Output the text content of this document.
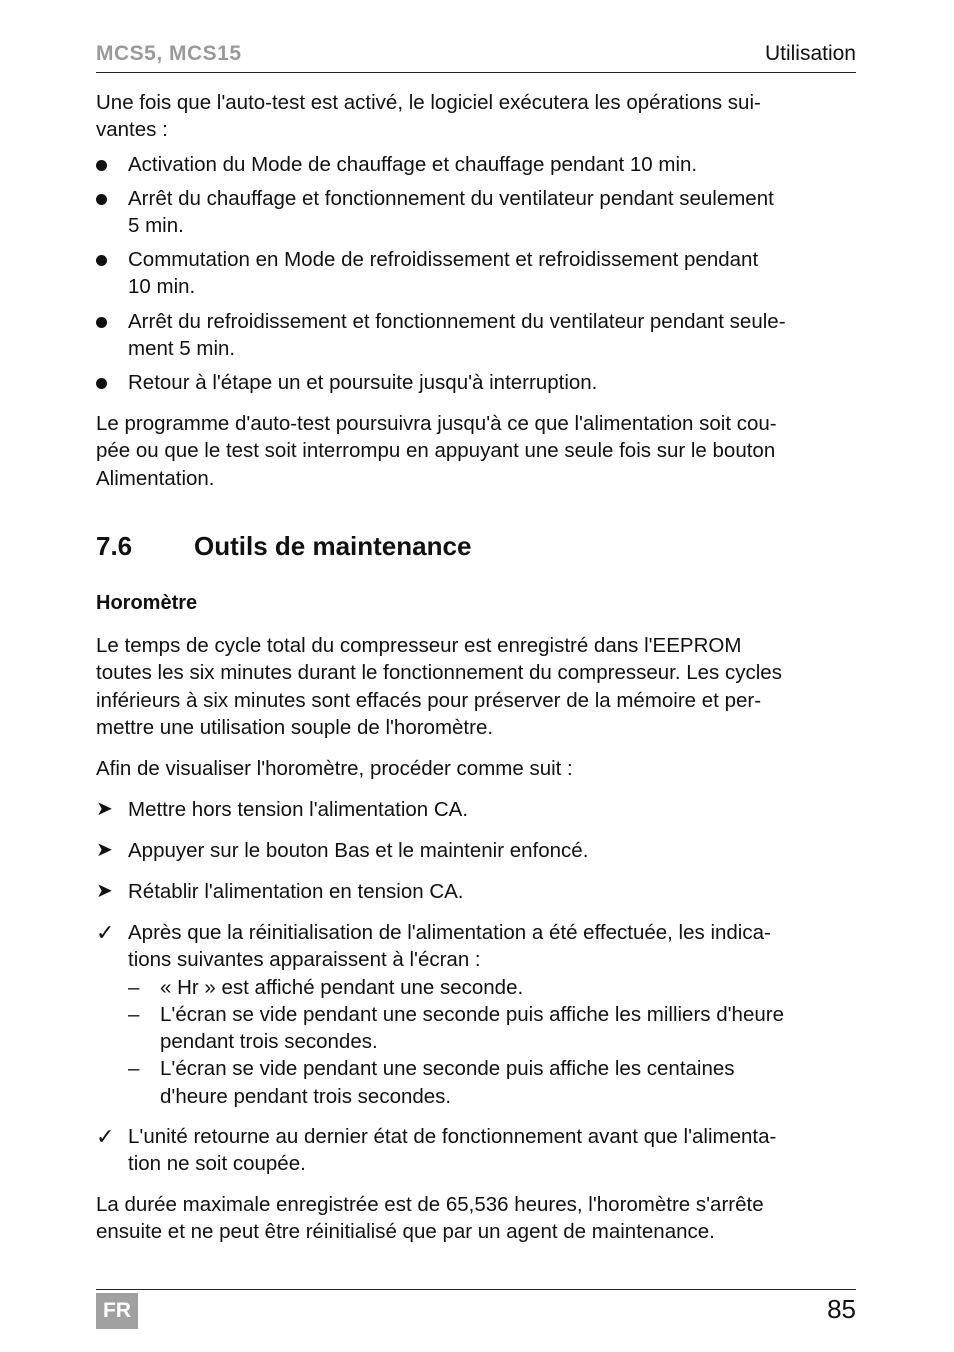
MCS5, MCS15	Utilisation
Une fois que l'auto-test est activé, le logiciel exécutera les opérations sui-
vantes :
Activation du Mode de chauffage et chauffage pendant 10 min.
Arrêt du chauffage et fonctionnement du ventilateur pendant seulement
5 min.
Commutation en Mode de refroidissement et refroidissement pendant
10 min.
Arrêt du refroidissement et fonctionnement du ventilateur pendant seule-
ment 5 min.
Retour à l'étape un et poursuite jusqu'à interruption.
Le programme d'auto-test poursuivra jusqu'à ce que l'alimentation soit cou-
pée ou que le test soit interrompu en appuyant une seule fois sur le bouton
Alimentation.
7.6 Outils de maintenance
Horomètre
Le temps de cycle total du compresseur est enregistré dans l'EEPROM
toutes les six minutes durant le fonctionnement du compresseur. Les cycles
inférieurs à six minutes sont effacés pour préserver de la mémoire et per-
mettre une utilisation souple de l'horomètre.
Afin de visualiser l'horomètre, procéder comme suit :
➤ Mettre hors tension l'alimentation CA.
➤ Appuyer sur le bouton Bas et le maintenir enfoncé.
➤ Rétablir l'alimentation en tension CA.
✓ Après que la réinitialisation de l'alimentation a été effectuée, les indica-
tions suivantes apparaissent à l'écran :
– « Hr » est affiché pendant une seconde.
– L'écran se vide pendant une seconde puis affiche les milliers d'heure
pendant trois secondes.
– L'écran se vide pendant une seconde puis affiche les centaines
d'heure pendant trois secondes.
✓ L'unité retourne au dernier état de fonctionnement avant que l'alimenta-
tion ne soit coupée.
La durée maximale enregistrée est de 65,536 heures, l'horomètre s'arrête
ensuite et ne peut être réinitialisé que par un agent de maintenance.
FR	85
